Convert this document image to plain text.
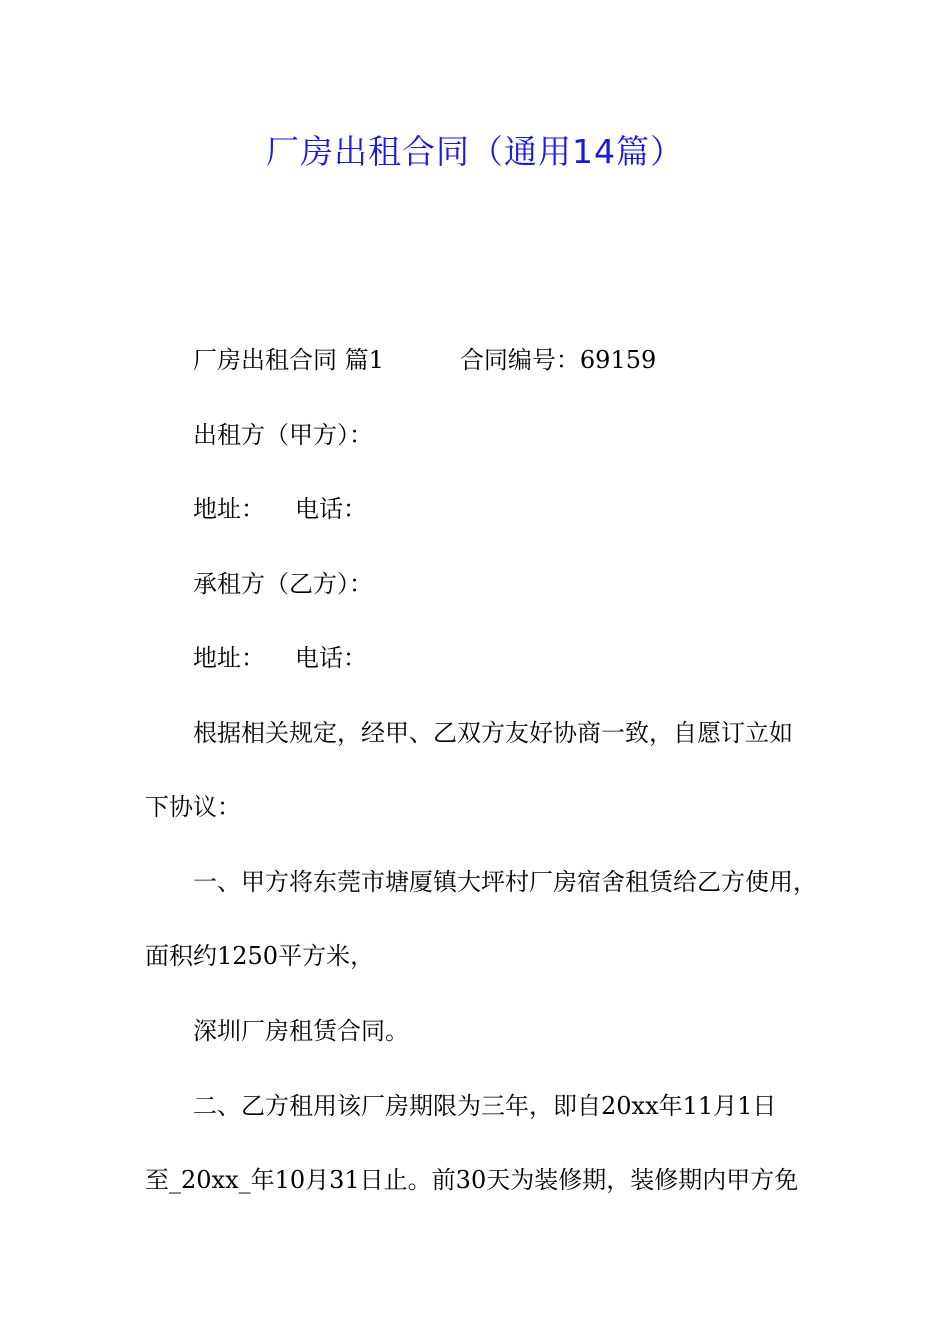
厂房出租合同（通用14篇）
厂房出租合同 篇1	合同编号：69159
出租方（甲方）：
地址： 电话：
承租方（乙方）：
地址： 电话：
根据相关规定，经甲、乙双方友好协商一致，自愿订立如
下协议：
一、甲方将东莞市塘厦镇大坪村厂房宿舍租赁给乙方使用，
面积约1250平方米，
深圳厂房租赁合同。
二、乙方租用该厂房期限为三年，即自20xx年11月1日
至_20xx_年10月31日止。前30天为装修期，装修期内甲方免
